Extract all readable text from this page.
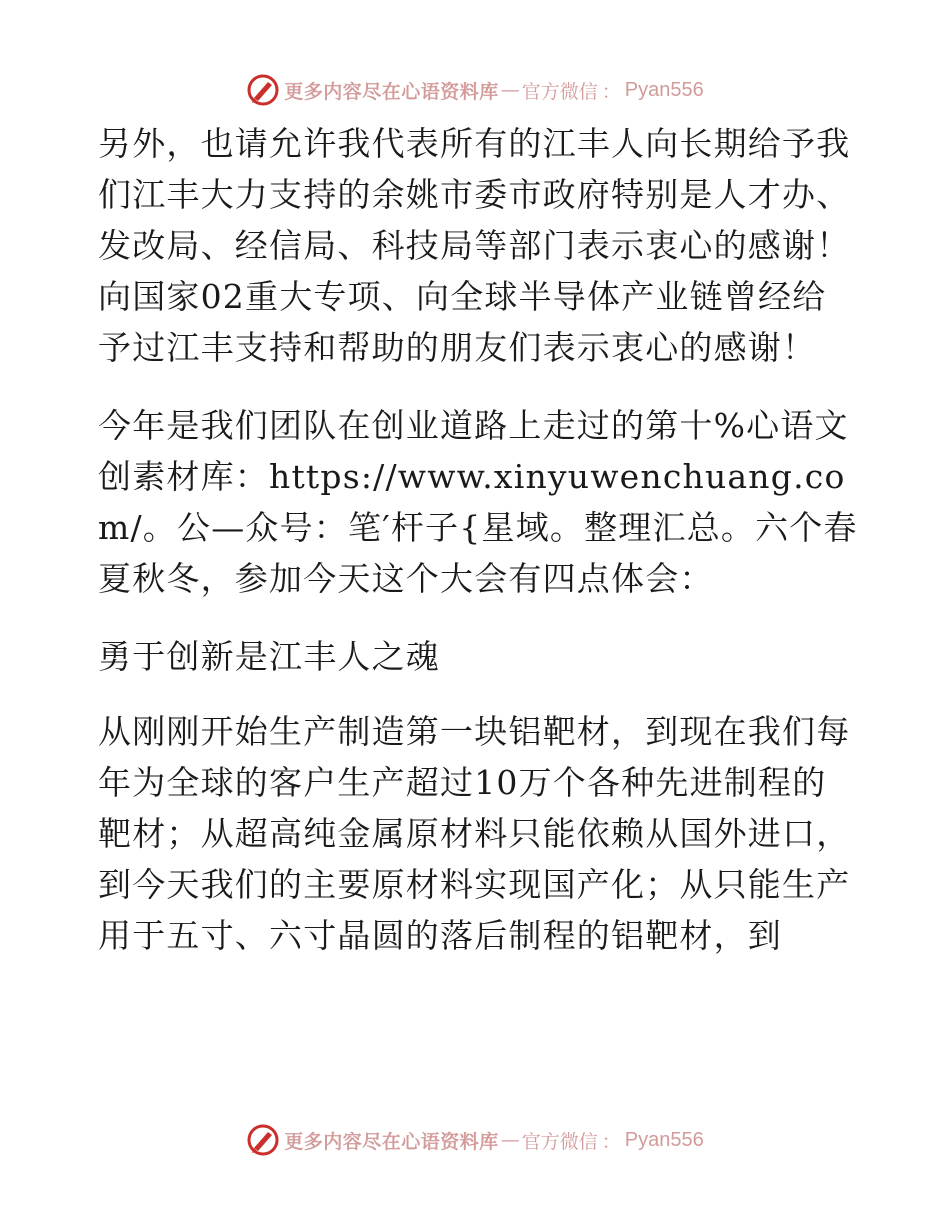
更多内容尽在心语资料库 — 官方微信 ： Pyan556

另外，也请允许我代表所有的江丰人向长期给予我们江丰大力支持的余姚市委市政府特别是人才办、发改局、经信局、科技局等部门表示衷心的感谢！向国家02重大专项、向全球半导体产业链曾经给予过江丰支持和帮助的朋友们表示衷心的感谢！

今年是我们团队在创业道路上走过的第十%心语文创素材库：https://www.xinyuwenchuang.com/。公—众号：笔′杆子{星域。整理汇总。六个春夏秋冬，参加今天这个大会有四点体会：

勇于创新是江丰人之魂

从刚刚开始生产制造第一块铝靶材，到现在我们每年为全球的客户生产超过10万个各种先进制程的靶材；从超高纯金属原材料只能依赖从国外进口，到今天我们的主要原材料实现国产化；从只能生产用于五寸、六寸晶圆的落后制程的铝靶材，到

更多内容尽在心语资料库 — 官方微信 ： Pyan556
